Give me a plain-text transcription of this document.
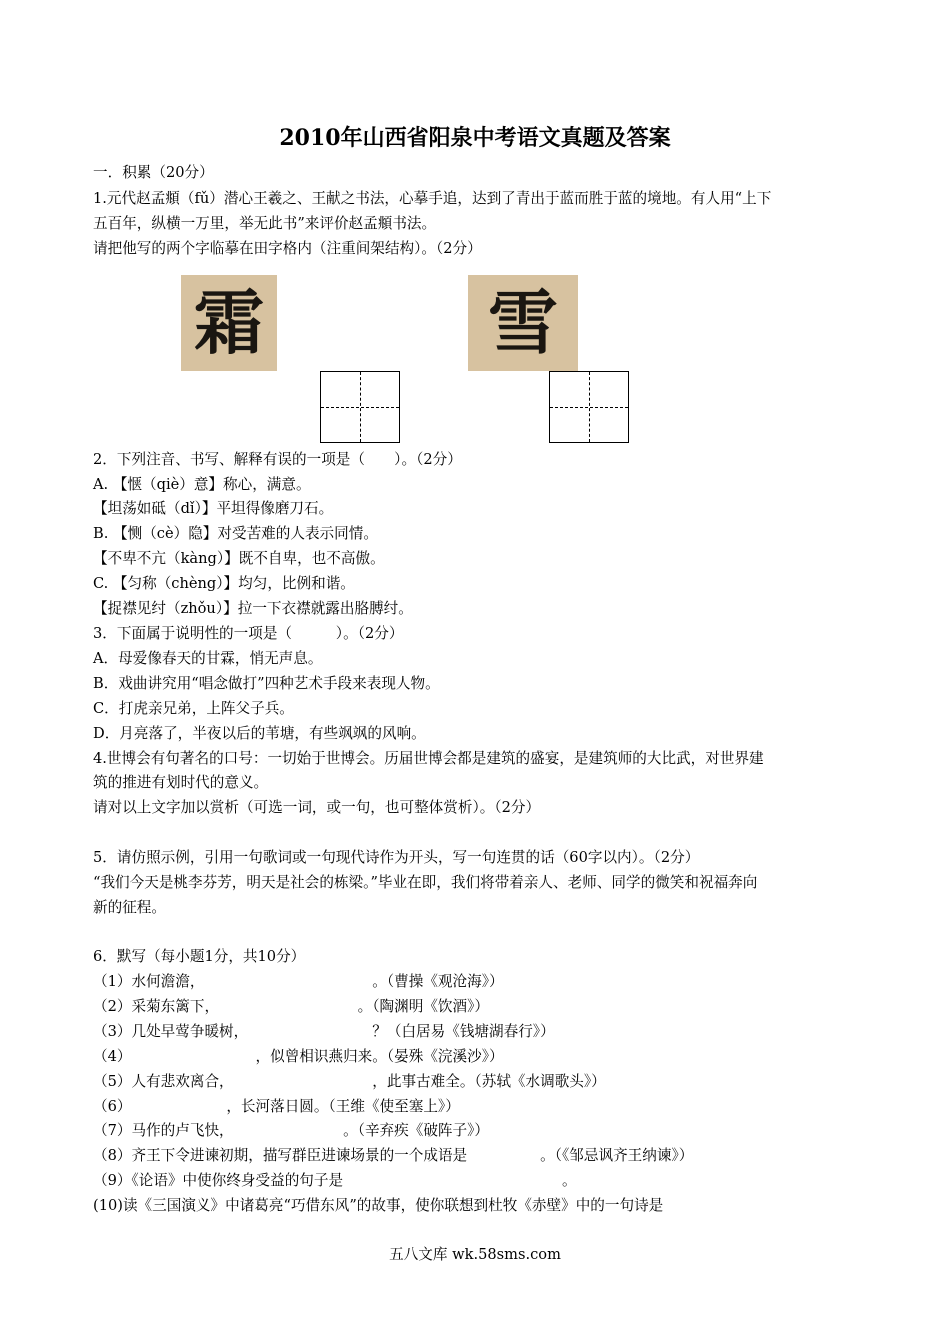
2010年山西省阳泉中考语文真题及答案
一．积累（20分）
1.元代赵孟頫（fǔ）潜心王羲之、王献之书法，心摹手追，达到了青出于蓝而胜于蓝的境地。有人用“上下
五百年，纵横一万里，举无此书”来评价赵孟頫书法。
请把他写的两个字临摹在田字格内（注重间架结构）。（2分）
霜	雪
2．下列注音、书写、解释有误的一项是（　　）。（2分）
A. 【惬（qiè）意】称心，满意。
【坦荡如砥（dǐ）】平坦得像磨刀石。
B. 【恻（cè）隐】对受苦难的人表示同情。
【不卑不亢（kàng）】既不自卑，也不高傲。
C. 【匀称（chèng）】均匀，比例和谐。
【捉襟见纣（zhǒu）】拉一下衣襟就露出胳膊纣。
3．下面属于说明性的一项是（　　　）。（2分）
A．母爱像春天的甘霖，悄无声息。
B．戏曲讲究用“唱念做打”四种艺术手段来表现人物。
C．打虎亲兄弟，上阵父子兵。
D．月亮落了，半夜以后的苇塘，有些飒飒的风响。
4.世博会有句著名的口号：一切始于世博会。历届世博会都是建筑的盛宴，是建筑师的大比武，对世界建
筑的推进有划时代的意义。
请对以上文字加以赏析（可选一词，或一句，也可整体赏析）。（2分）
5．请仿照示例，引用一句歌词或一句现代诗作为开头，写一句连贯的话（60字以内）。（2分）
“我们今天是桃李芬芳，明天是社会的栋梁。”毕业在即，我们将带着亲人、老师、同学的微笑和祝福奔向
新的征程。
6．默写（每小题1分，共10分）
（1）水何澹澹，　　　　　　　　　　　　。（曹操《观沧海》）
（2）采菊东篱下，　　　　　　　　　　。（陶渊明《饮酒》）
（3）几处早莺争暖树，　　　　　　　　　？（白居易《钱塘湖春行》）
（4）　　　　　　　　　，似曾相识燕归来。（晏殊《浣溪沙》）
（5）人有悲欢离合，　　　　　　　　　　，此事古难全。（苏轼《水调歌头》）
（6）　　　　　　　，长河落日圆。（王维《使至塞上》）
（7）马作的卢飞快，　　　　　　　　。（辛弃疾《破阵子》）
（8）齐王下令进谏初期，描写群臣进谏场景的一个成语是　　　　　。（《邹忌讽齐王纳谏》）
（9）《论语》中使你终身受益的句子是　　　　　　　　　　　　　　　。
(10)读《三国演义》中诸葛亮“巧借东风”的故事，使你联想到杜牧《赤壁》中的一句诗是
五八文库 wk.58sms.com
